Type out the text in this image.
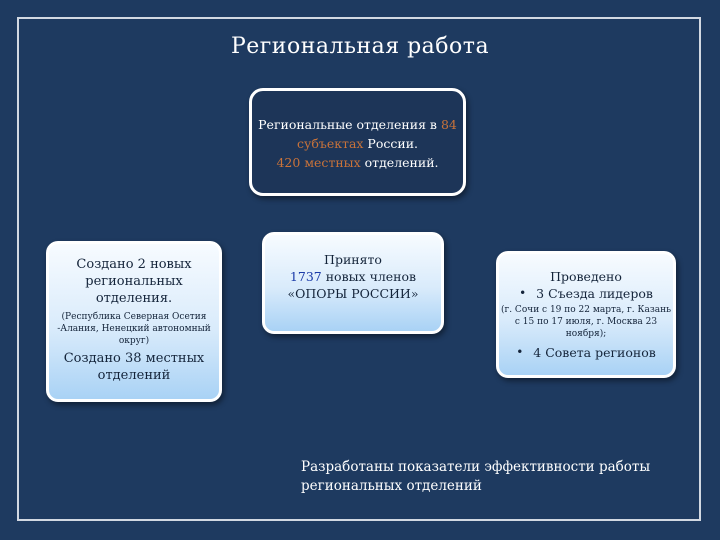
Региональная работа
Региональные отделения в 84
субъектах России.
420 местных отделений.
Создано 2 новых региональных отделения.
(Республика Северная Осетия -Алания, Ненецкий автономный округ)
Создано 38 местных отделений
Принято
1737 новых членов
«ОПОРЫ РОССИИ»
Проведено
• 3 Съезда лидеров
(г. Сочи с 19 по 22 марта, г. Казань с 15 по 17 июля, г. Москва 23 ноября);
• 4 Совета регионов
Разработаны показатели эффективности работы региональных отделений
